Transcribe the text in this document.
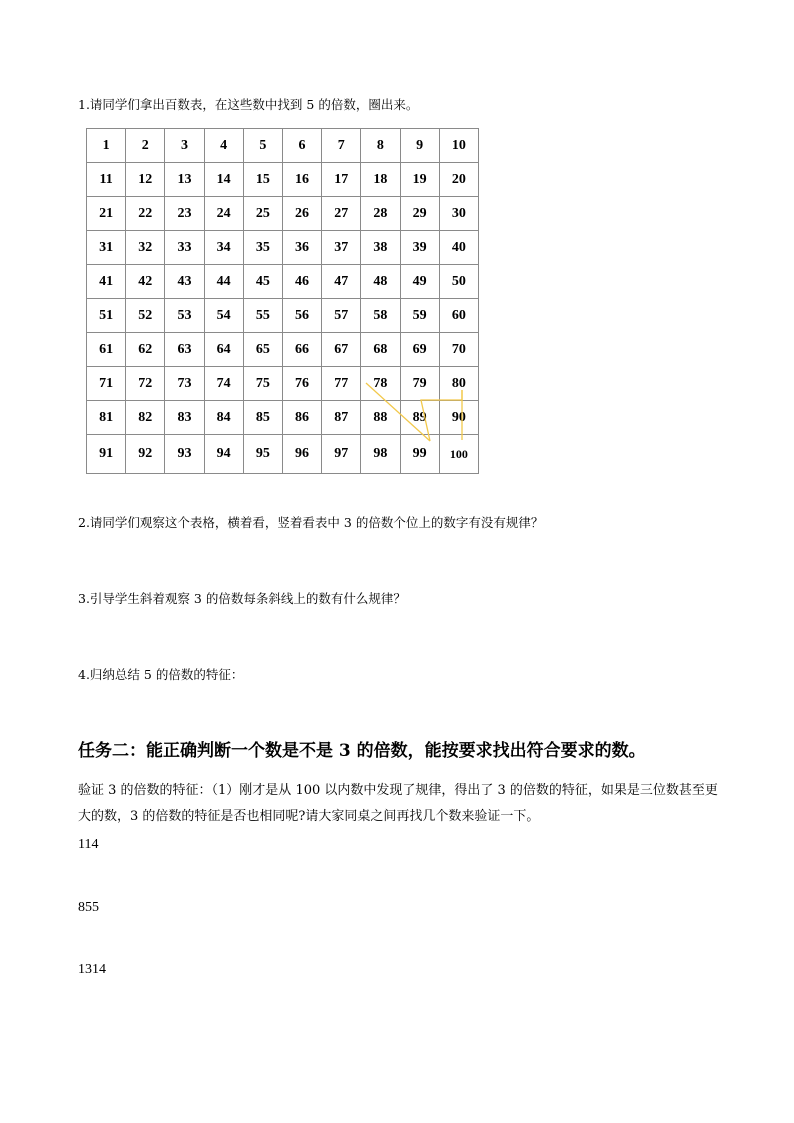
1.请同学们拿出百数表，在这些数中找到 5 的倍数，圈出来。
1	2	3	4	5	6	7	8	9	10
11	12	13	14	15	16	17	18	19	20
21	22	23	24	25	26	27	28	29	30
31	32	33	34	35	36	37	38	39	40
41	42	43	44	45	46	47	48	49	50
51	52	53	54	55	56	57	58	59	60
61	62	63	64	65	66	67	68	69	70
71	72	73	74	75	76	77	78	79	80
81	82	83	84	85	86	87	88	89	90
91	92	93	94	95	96	97	98	99	100
2.请同学们观察这个表格，横着看，竖着看表中 3 的倍数个位上的数字有没有规律？
3.引导学生斜着观察 3 的倍数每条斜线上的数有什么规律？
4.归纳总结 5 的倍数的特征：
任务二：能正确判断一个数是不是 3 的倍数，能按要求找出符合要求的数。
验证 3 的倍数的特征：（1）刚才是从 100 以内数中发现了规律，得出了 3 的倍数的特征，如果是三位数甚至更大的数，3 的倍数的特征是否也相同呢?请大家同桌之间再找几个数来验证一下。
114
855
1314
